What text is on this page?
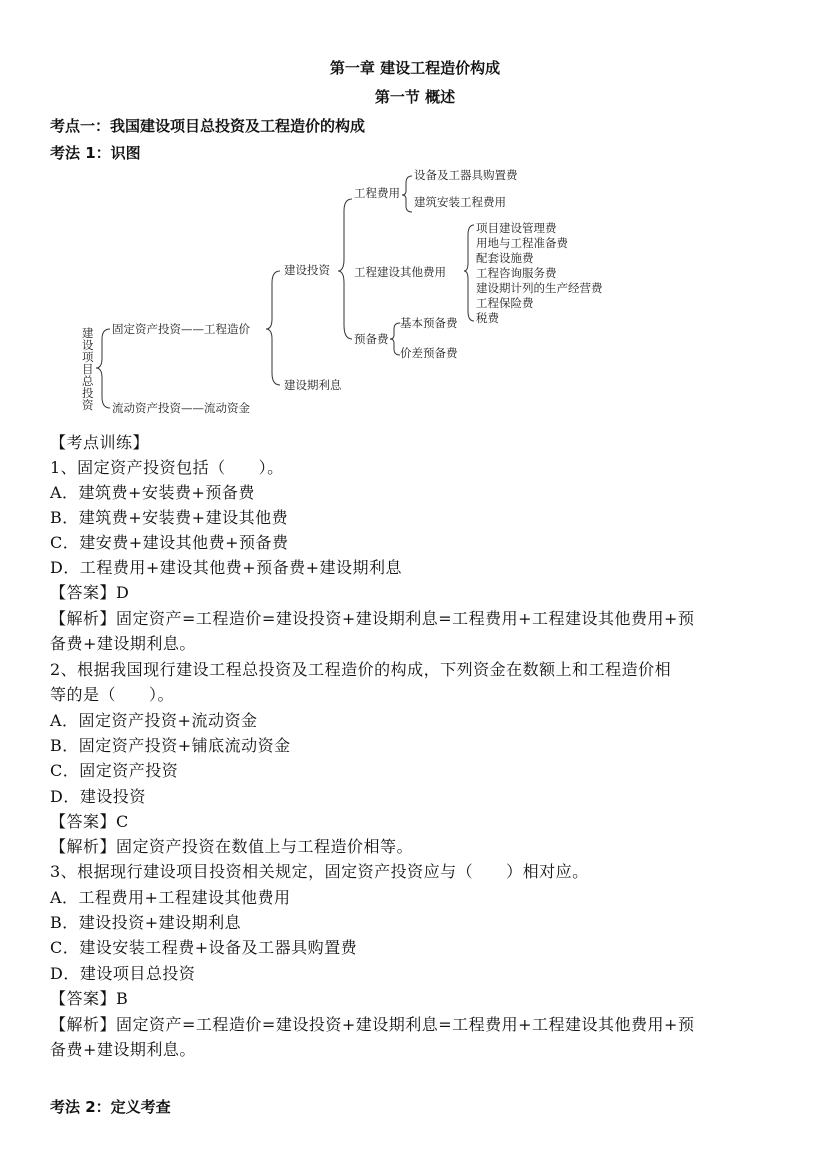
第一章 建设工程造价构成
第一节 概述
考点一：我国建设项目总投资及工程造价的构成
考法 1：识图
建
设
项
目
总
投
资
固定资产投资——工程造价
流动资产投资——流动资金
建设投资
建设期利息
工程费用
工程建设其他费用
预备费
设备及工器具购置费
建筑安装工程费用
项目建设管理费
用地与工程准备费
配套设施费
工程咨询服务费
建设期计列的生产经营费
工程保险费
税费
基本预备费
价差预备费
【考点训练】
1、固定资产投资包括（　　）。
A．建筑费+安装费+预备费
B．建筑费+安装费+建设其他费
C．建安费+建设其他费+预备费
D．工程费用+建设其他费+预备费+建设期利息
【答案】D
【解析】固定资产=工程造价=建设投资+建设期利息=工程费用+工程建设其他费用+预
备费+建设期利息。
2、根据我国现行建设工程总投资及工程造价的构成，下列资金在数额上和工程造价相
等的是（　　）。
A．固定资产投资+流动资金
B．固定资产投资+铺底流动资金
C．固定资产投资
D．建设投资
【答案】C
【解析】固定资产投资在数值上与工程造价相等。
3、根据现行建设项目投资相关规定，固定资产投资应与（　　）相对应。
A．工程费用+工程建设其他费用
B．建设投资+建设期利息
C．建设安装工程费+设备及工器具购置费
D．建设项目总投资
【答案】B
【解析】固定资产=工程造价=建设投资+建设期利息=工程费用+工程建设其他费用+预
备费+建设期利息。
考法 2：定义考查
